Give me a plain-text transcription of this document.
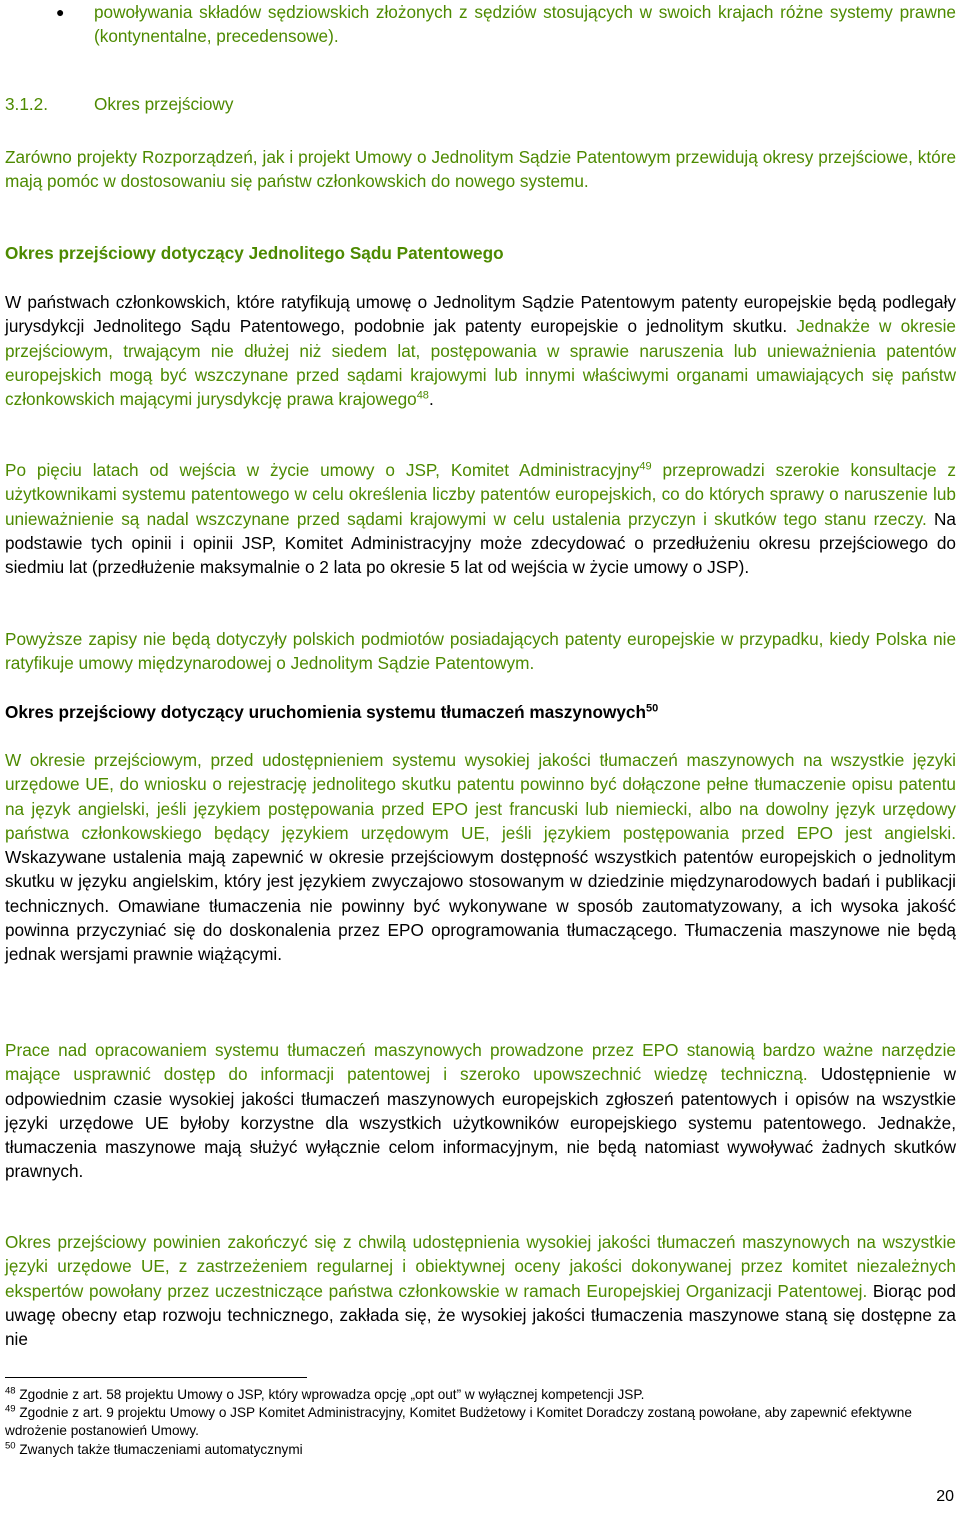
● powoływania składów sędziowskich złożonych z sędziów stosujących w swoich krajach różne systemy prawne (kontynentalne, precedensowe).
3.1.2.	Okres przejściowy
Zarówno projekty Rozporządzeń, jak i projekt Umowy o Jednolitym Sądzie Patentowym przewidują okresy przejściowe, które mają pomóc w dostosowaniu się państw członkowskich do nowego systemu.
Okres przejściowy dotyczący Jednolitego Sądu Patentowego
W państwach członkowskich, które ratyfikują umowę o Jednolitym Sądzie Patentowym patenty europejskie będą podlegały jurysdykcji Jednolitego Sądu Patentowego, podobnie jak patenty europejskie o jednolitym skutku. Jednakże w okresie przejściowym, trwającym nie dłużej niż siedem lat, postępowania w sprawie naruszenia lub unieważnienia patentów europejskich mogą być wszczynane przed sądami krajowymi lub innymi właściwymi organami umawiających się państw członkowskich mającymi jurysdykcję prawa krajowego$^{48}$.
Po pięciu latach od wejścia w życie umowy o JSP, Komitet Administracyjny$^{49}$ przeprowadzi szerokie konsultacje z użytkownikami systemu patentowego w celu określenia liczby patentów europejskich, co do których sprawy o naruszenie lub unieważnienie są nadal wszczynane przed sądami krajowymi w celu ustalenia przyczyn i skutków tego stanu rzeczy. Na podstawie tych opinii i opinii JSP, Komitet Administracyjny może zdecydować o przedłużeniu okresu przejściowego do siedmiu lat (przedłużenie maksymalnie o 2 lata po okresie 5 lat od wejścia w życie umowy o JSP).
Powyższe zapisy nie będą dotyczyły polskich podmiotów posiadających patenty europejskie w przypadku, kiedy Polska nie ratyfikuje umowy międzynarodowej o Jednolitym Sądzie Patentowym.
Okres przejściowy dotyczący uruchomienia systemu tłumaczeń maszynowych$^{50}$
W okresie przejściowym, przed udostępnieniem systemu wysokiej jakości tłumaczeń maszynowych na wszystkie języki urzędowe UE, do wniosku o rejestrację jednolitego skutku patentu powinno być dołączone pełne tłumaczenie opisu patentu na język angielski, jeśli językiem postępowania przed EPO jest francuski lub niemiecki, albo na dowolny język urzędowy państwa członkowskiego będący językiem urzędowym UE, jeśli językiem postępowania przed EPO jest angielski. Wskazywane ustalenia mają zapewnić w okresie przejściowym dostępność wszystkich patentów europejskich o jednolitym skutku w języku angielskim, który jest językiem zwyczajowo stosowanym w dziedzinie międzynarodowych badań i publikacji technicznych. Omawiane tłumaczenia nie powinny być wykonywane w sposób zautomatyzowany, a ich wysoka jakość powinna przyczyniać się do doskonalenia przez EPO oprogramowania tłumaczącego. Tłumaczenia maszynowe nie będą jednak wersjami prawnie wiążącymi.
Prace nad opracowaniem systemu tłumaczeń maszynowych prowadzone przez EPO stanowią bardzo ważne narzędzie mające usprawnić dostęp do informacji patentowej i szeroko upowszechnić wiedzę techniczną. Udostępnienie w odpowiednim czasie wysokiej jakości tłumaczeń maszynowych europejskich zgłoszeń patentowych i opisów na wszystkie języki urzędowe UE byłoby korzystne dla wszystkich użytkowników europejskiego systemu patentowego. Jednakże, tłumaczenia maszynowe mają służyć wyłącznie celom informacyjnym, nie będą natomiast wywoływać żadnych skutków prawnych.
Okres przejściowy powinien zakończyć się z chwilą udostępnienia wysokiej jakości tłumaczeń maszynowych na wszystkie języki urzędowe UE, z zastrzeżeniem regularnej i obiektywnej oceny jakości dokonywanej przez komitet niezależnych ekspertów powołany przez uczestniczące państwa członkowskie w ramach Europejskiej Organizacji Patentowej. Biorąc pod uwagę obecny etap rozwoju technicznego, zakłada się, że wysokiej jakości tłumaczenia maszynowe staną się dostępne za nie
$^{48}$ Zgodnie z art. 58 projektu Umowy o JSP, który wprowadza opcję „opt out” w wyłącznej kompetencji JSP.
$^{49}$ Zgodnie z art. 9 projektu Umowy o JSP Komitet Administracyjny, Komitet Budżetowy i Komitet Doradczy zostaną powołane, aby zapewnić efektywne wdrożenie postanowień Umowy.
$^{50}$ Zwanych także tłumaczeniami automatycznymi
20
